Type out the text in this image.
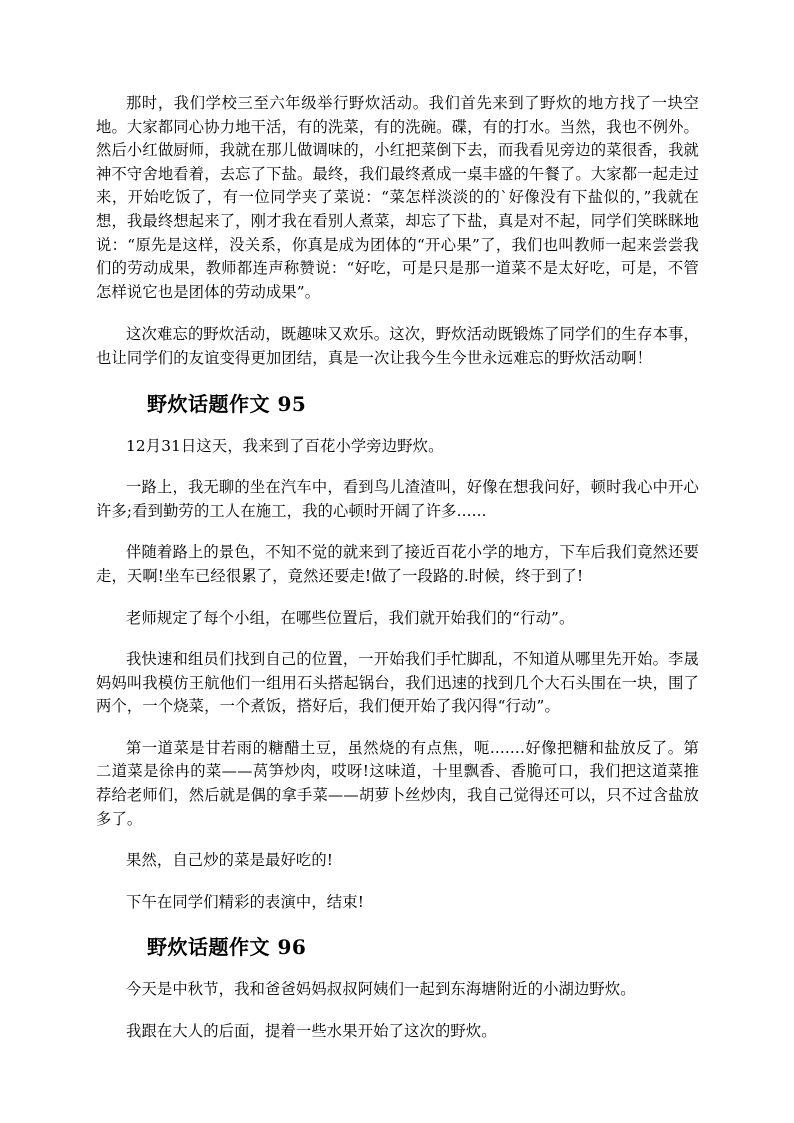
那时，我们学校三至六年级举行野炊活动。我们首先来到了野炊的地方找了一块空地。大家都同心协力地干活，有的洗菜，有的洗碗。碟，有的打水。当然，我也不例外。然后小红做厨师，我就在那儿做调味的，小红把菜倒下去，而我看见旁边的菜很香，我就神不守舍地看着，去忘了下盐。最终，我们最终煮成一桌丰盛的午餐了。大家都一起走过来，开始吃饭了，有一位同学夹了菜说：“菜怎样淡淡的的`好像没有下盐似的，”我就在想，我最终想起来了，刚才我在看别人煮菜，却忘了下盐，真是对不起，同学们笑眯眯地说：“原先是这样，没关系，你真是成为团体的“开心果”了，我们也叫教师一起来尝尝我们的劳动成果，教师都连声称赞说：“好吃，可是只是那一道菜不是太好吃，可是，不管怎样说它也是团体的劳动成果”。

这次难忘的野炊活动，既趣味又欢乐。这次，野炊活动既锻炼了同学们的生存本事，也让同学们的友谊变得更加团结，真是一次让我今生今世永远难忘的野炊活动啊！

野炊话题作文 95

12月31日这天，我来到了百花小学旁边野炊。

一路上，我无聊的坐在汽车中，看到鸟儿渣渣叫，好像在想我问好，顿时我心中开心许多;看到勤劳的工人在施工，我的心顿时开阔了许多......

伴随着路上的景色，不知不觉的就来到了接近百花小学的地方，下车后我们竟然还要走，天啊!坐车已经很累了，竟然还要走!做了一段路的.时候，终于到了!

老师规定了每个小组，在哪些位置后，我们就开始我们的“行动”。

我快速和组员们找到自己的位置，一开始我们手忙脚乱，不知道从哪里先开始。李晟妈妈叫我模仿王航他们一组用石头搭起锅台，我们迅速的找到几个大石头围在一块，围了两个，一个烧菜，一个煮饭，搭好后，我们便开始了我闪得“行动”。

第一道菜是甘若雨的糖醋土豆，虽然烧的有点焦，呃.......好像把糖和盐放反了。第二道菜是徐冉的菜——莴笋炒肉，哎呀!这味道，十里飘香、香脆可口，我们把这道菜推荐给老师们，然后就是偶的拿手菜——胡萝卜丝炒肉，我自己觉得还可以，只不过含盐放多了。

果然，自己炒的菜是最好吃的!

下午在同学们精彩的表演中，结束!

野炊话题作文 96

今天是中秋节，我和爸爸妈妈叔叔阿姨们一起到东海塘附近的小湖边野炊。

我跟在大人的后面，提着一些水果开始了这次的野炊。
